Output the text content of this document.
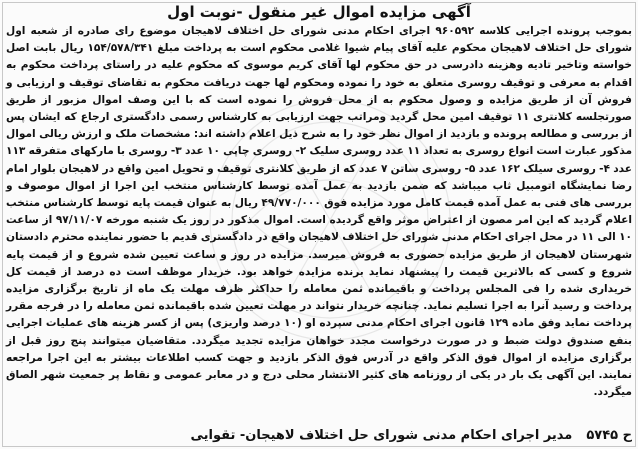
آگهی مزایده اموال غیر منقول -نوبت اول

بموجب پرونده اجرایی کلاسه ۹۶۰۵۹۲ اجرای احکام مدنی شورای حل اختلاف لاهیجان موضوع رای صادره از شعبه اول شورای حل اختلاف لاهیجان محکوم علیه آقای پیام شیوا غلامی محکوم است به پرداخت مبلغ ۱۵۴/۵۷۸/۳۴۱ ریال بابت اصل خواسته وتاخیر تادیه وهزینه دادرسی در حق محکوم لها آقای کریم موسوی که محکوم علیه در راستای پرداخت محکوم به اقدام به معرفی و توقیف روسری متعلق به خود را نموده ومحکوم لها جهت دریافت محکوم به تقاضای توقیف و ارزیابی و فروش آن از طریق مزایده و وصول محکوم به از محل فروش را نموده است که با این وصف اموال مزبور از طریق صورتجلسه کلانتری ۱۱ توقیف امین محل گردید ومراتب جهت ارزیابی به کارشناس رسمی دادگستری ارجاع که ایشان پس از بررسی و مطالعه پرونده و بازدید از اموال نظر خود را به شرح ذیل اعلام داشته اند: مشخصات ملک و ارزش ریالی اموال مذکور عبارت است انواع روسری به تعداد ۱۱ عدد روسری سلیک ۲- روسری چاپی ۱۰ عدد ۳- روسری با مارکهای متفرقه ۱۱۳ عدد ۴- روسری سیلک ۱۶۲ عدد ۵- روسری ساتن ۷ عدد که از طریق کلانتری توقیف و تحویل امین واقع در لاهیجان بلوار امام رضا نمایشگاه اتومبیل ثاب میباشد که ضمن بازدید به عمل آمده توسط کارشناس منتخب این اجرا از اموال موصوف و بررسی های فنی به عمل آمده قیمت کامل مورد مزایده فوق ۴۹/۷۷۰/۰۰۰ ریال به عنوان قیمت پایه توسط کارشناس منتخب اعلام گردید که این امر مصون از اعتراض موثر واقع گردیده است. اموال مذکور در روز یک شنبه مورخه ۹۷/۱۱/۰۷ از ساعت ۱۰ الی ۱۱ در محل اجرای احکام مدنی شورای حل اختلاف لاهیجان واقع در دادگستری قدیم با حضور نماینده محترم دادستان شهرستان لاهیجان از طریق مزایده حضوری به فروش میرسد. مزایده در روز و ساعت تعیین شده شروع و از قیمت پایه شروع و کسی که بالاترین قیمت را پیشنهاد نماید برنده مزایده خواهد بود. خریدار موظف است ده درصد از قیمت کل خریداری شده را فی المجلس پرداخت و باقیمانده ثمن معامله را حداکثر ظرف مهلت یک ماه از تاریخ برگزاری مزایده پرداخت و رسید آنرا به اجرا تسلیم نماید. چنانچه خریدار نتواند در مهلت تعیین شده باقیمانده ثمن معامله را در فرجه مقرر پرداخت نماید وفق ماده ۱۲۹ قانون اجرای احکام مدنی سپرده او (۱۰ درصد واریزی) پس از کسر هزینه های عملیات اجرایی بنفع صندوق دولت ضبط و در صورت درخواست مجدد خواهان مزایده تجدید میگردد. متقاضیان میتوانند پنج روز قبل از برگزاری مزایده از اموال فوق الذکر واقع در آدرس فوق الذکر بازدید و جهت کسب اطلاعات بیشتر به این اجرا مراجعه نمایند. این آگهی یک بار در یکی از روزنامه های کثیر الانتشار محلی درج و در معابر عمومی و نقاط پر جمعیت شهر الصاق میگردد.

ح ۵۷۴۵
مدیر اجرای احکام مدنی شورای حل اختلاف لاهیجان- تقوایی
